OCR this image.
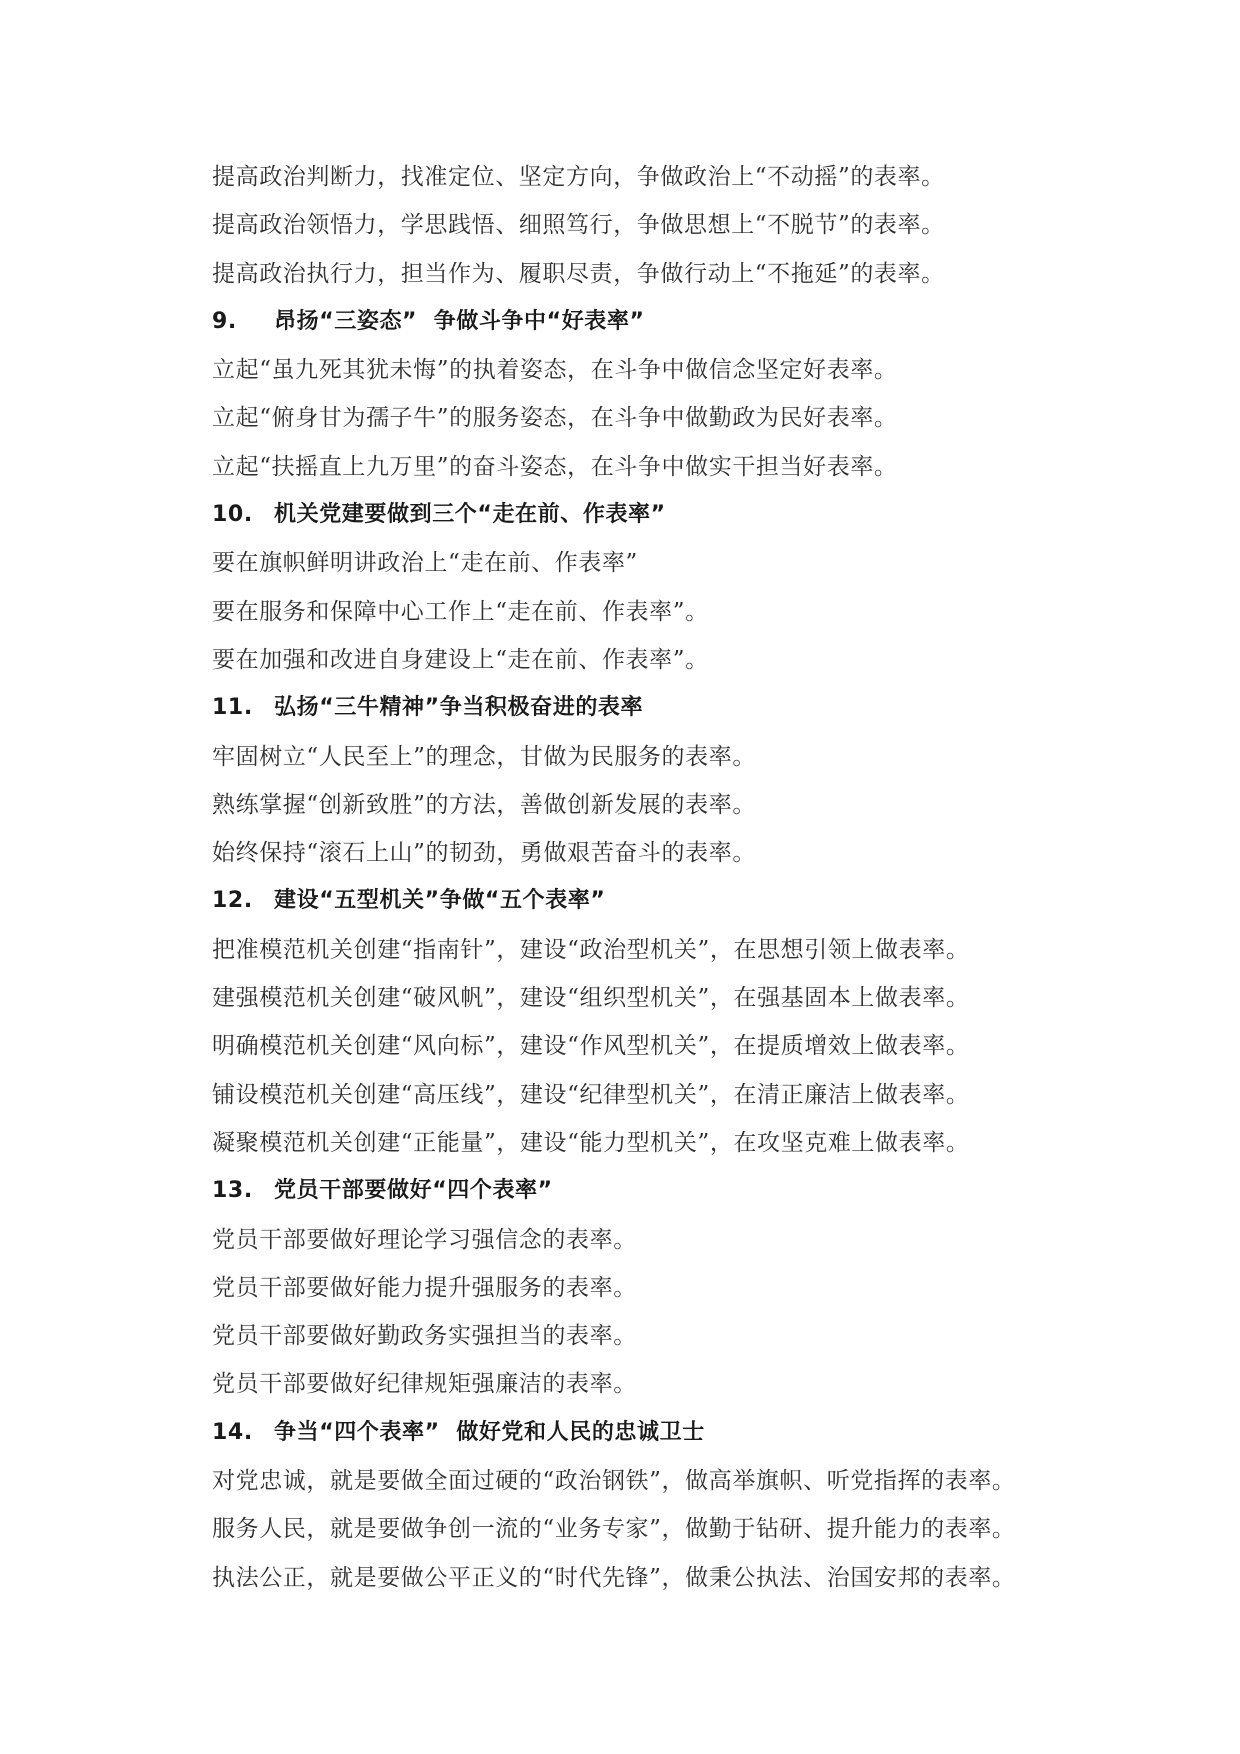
提高政治判断力，找准定位、坚定方向，争做政治上“不动摇”的表率。
提高政治领悟力，学思践悟、细照笃行，争做思想上“不脱节”的表率。
提高政治执行力，担当作为、履职尽责，争做行动上“不拖延”的表率。
9. 昂扬“三姿态”  争做斗争中“好表率”
立起“虽九死其犹未悔”的执着姿态，在斗争中做信念坚定好表率。
立起“俯身甘为孺子牛”的服务姿态，在斗争中做勤政为民好表率。
立起“扶摇直上九万里”的奋斗姿态，在斗争中做实干担当好表率。
10. 机关党建要做到三个“走在前、作表率”
要在旗帜鲜明讲政治上“走在前、作表率”
要在服务和保障中心工作上“走在前、作表率”。
要在加强和改进自身建设上“走在前、作表率”。
11. 弘扬“三牛精神”争当积极奋进的表率
牢固树立“人民至上”的理念，甘做为民服务的表率。
熟练掌握“创新致胜”的方法，善做创新发展的表率。
始终保持“滚石上山”的韧劲，勇做艰苦奋斗的表率。
12. 建设“五型机关”争做“五个表率”
把准模范机关创建“指南针”，建设“政治型机关”，在思想引领上做表率。
建强模范机关创建“破风帆”，建设“组织型机关”，在强基固本上做表率。
明确模范机关创建“风向标”，建设“作风型机关”，在提质增效上做表率。
铺设模范机关创建“高压线”，建设“纪律型机关”，在清正廉洁上做表率。
凝聚模范机关创建“正能量”，建设“能力型机关”，在攻坚克难上做表率。
13. 党员干部要做好“四个表率”
党员干部要做好理论学习强信念的表率。
党员干部要做好能力提升强服务的表率。
党员干部要做好勤政务实强担当的表率。
党员干部要做好纪律规矩强廉洁的表率。
14. 争当“四个表率”  做好党和人民的忠诚卫士
对党忠诚，就是要做全面过硬的“政治钢铁”，做高举旗帜、听党指挥的表率。
服务人民，就是要做争创一流的“业务专家”，做勤于钻研、提升能力的表率。
执法公正，就是要做公平正义的“时代先锋”，做秉公执法、治国安邦的表率。
